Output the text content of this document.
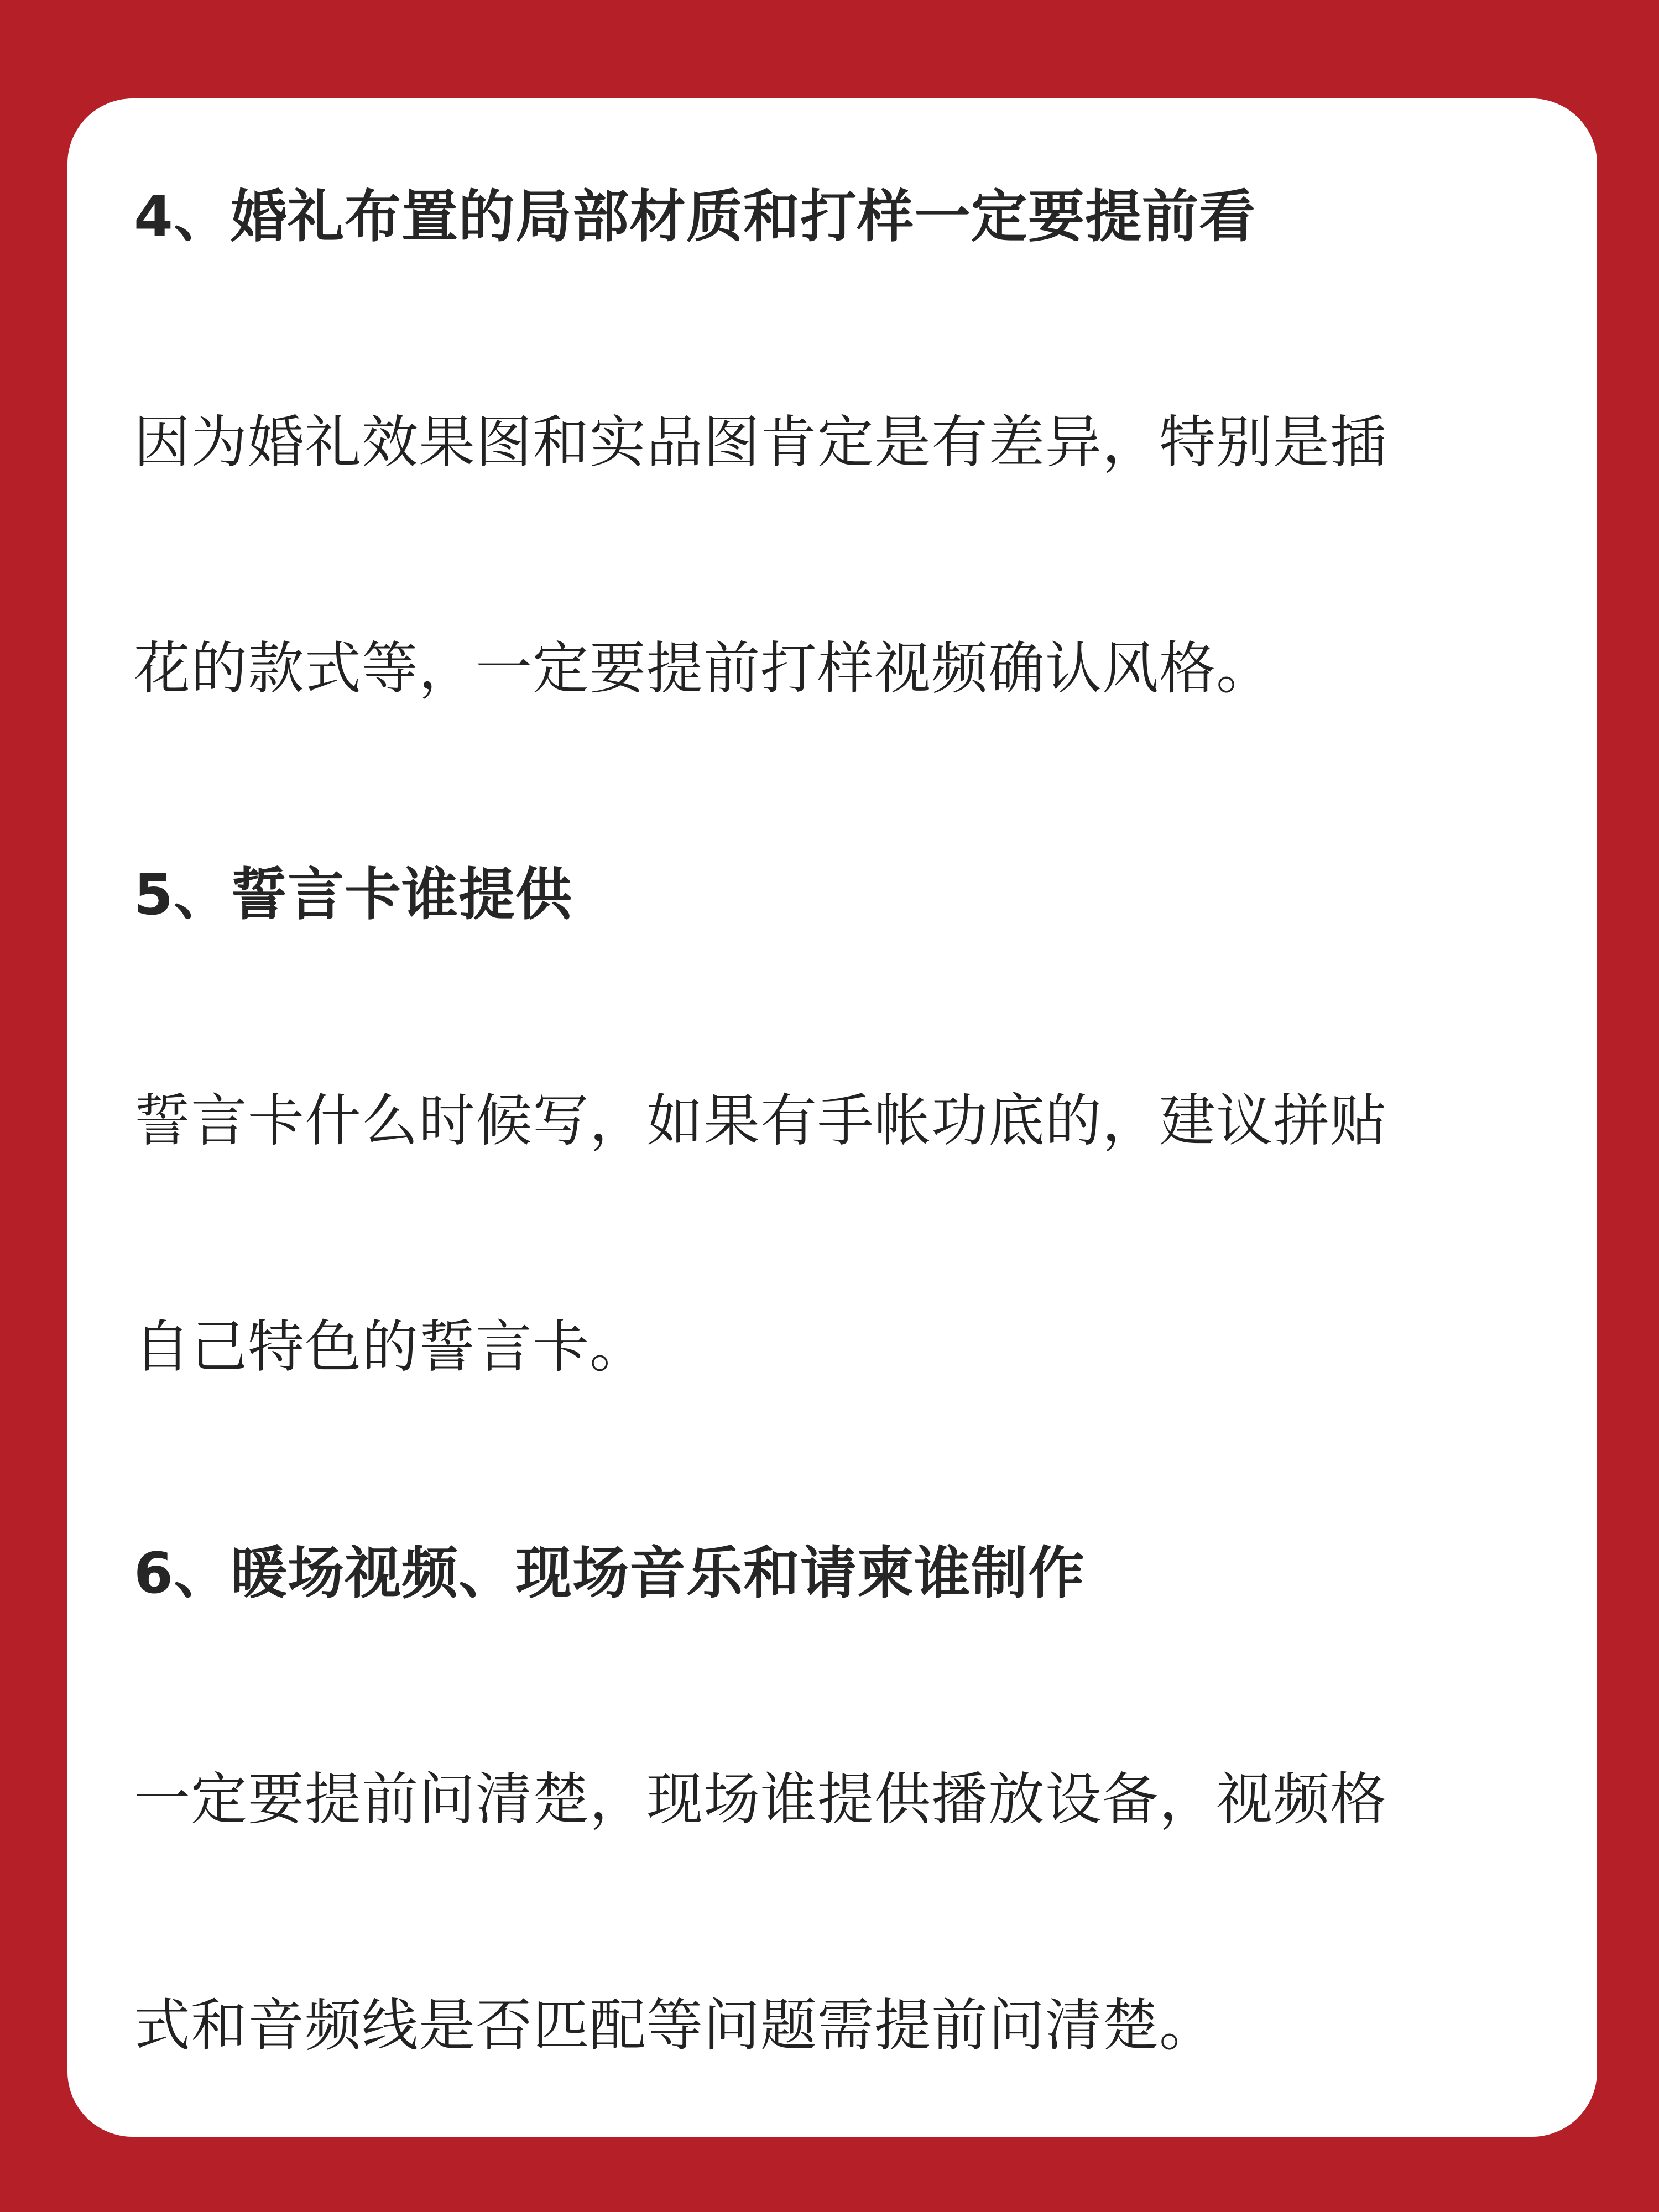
4、婚礼布置的局部材质和打样一定要提前看

因为婚礼效果图和实品图肯定是有差异，特别是插

花的款式等，一定要提前打样视频确认风格。

5、誓言卡谁提供

誓言卡什么时候写，如果有手帐功底的，建议拼贴

自己特色的誓言卡。

6、暖场视频、现场音乐和请柬谁制作

一定要提前问清楚，现场谁提供播放设备，视频格

式和音频线是否匹配等问题需提前问清楚。
